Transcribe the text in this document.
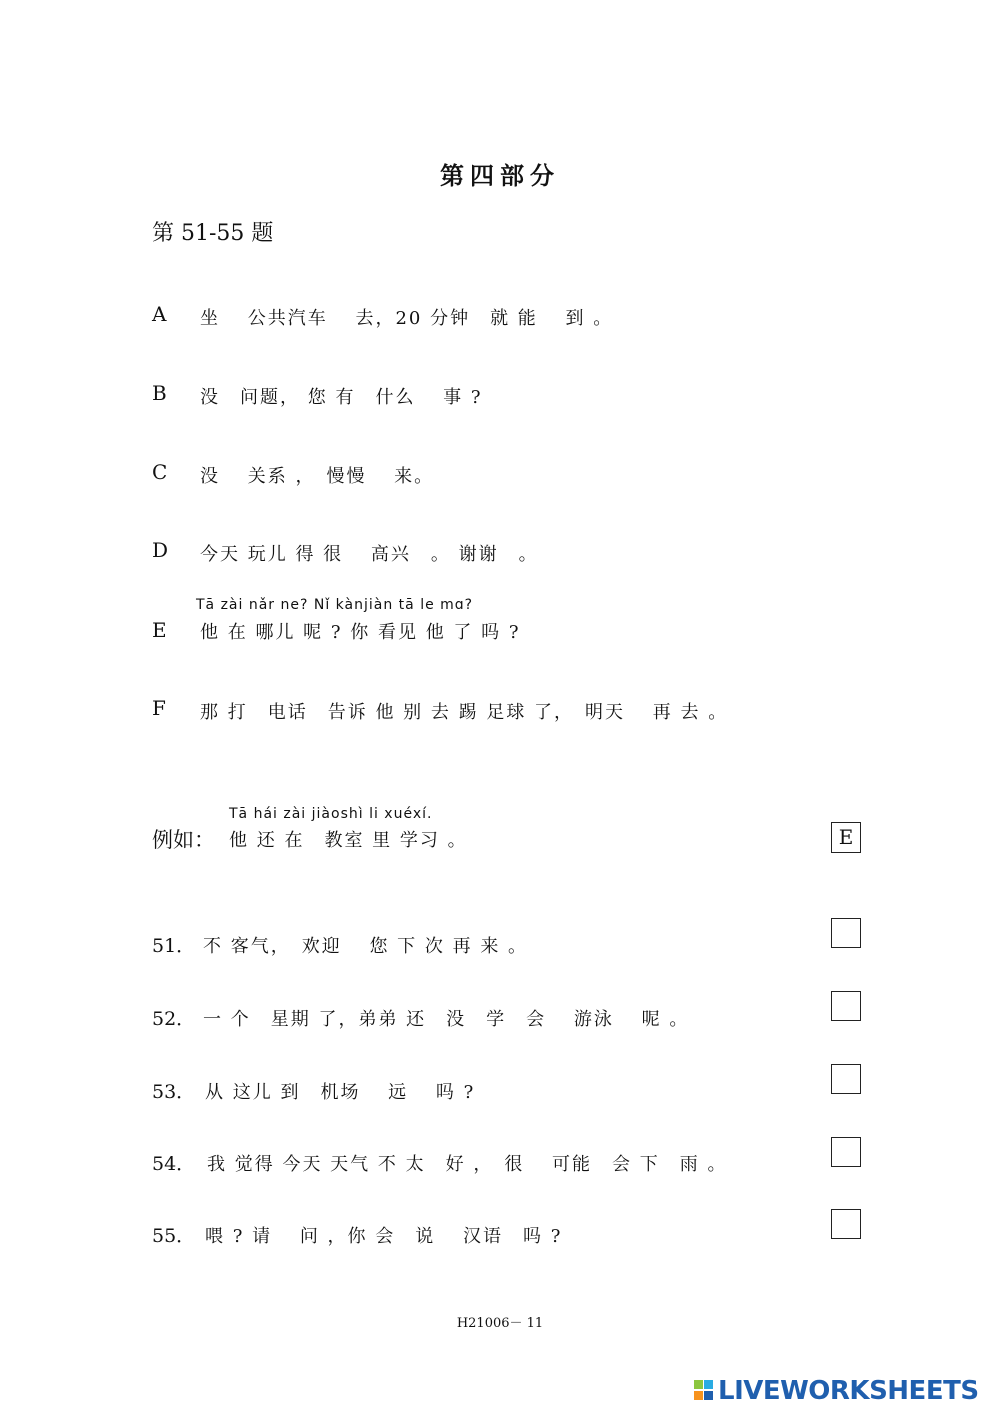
第四部分
第 51-55 题
A 坐　 公共汽车　 去，20 分钟　就 能　 到 。
B 没　问题， 您 有　什么　 事 ?
C 没　 关系 ，　慢慢　 来。
D 今天 玩儿 得 很　 高兴　。 谢谢　。
Tā zài nǎr ne? Nǐ kànjiàn tā le mɑ?
E 他 在 哪儿 呢 ? 你 看见 他 了 吗 ?
F 那 打　电话　告诉 他 别 去 踢 足球 了，　明天　 再 去 。
Tā hái zài jiàoshì li xuéxí.
例如： 他 还 在　教室 里 学习 。	E
51． 不 客气，　欢迎　 您 下 次 再 来 。
52． 一 个　星期 了，弟弟 还　没　学　会　 游泳　 呢 。
53． 从 这儿 到　机场　 远　 吗 ?
54． 我 觉得 今天 天气 不 太　好 ，　很　 可能　会 下　雨 。
55． 喂 ? 请　 问 ，你 会　说　 汉语　吗 ?
H21006－ 11
LIVEWORKSHEETS
